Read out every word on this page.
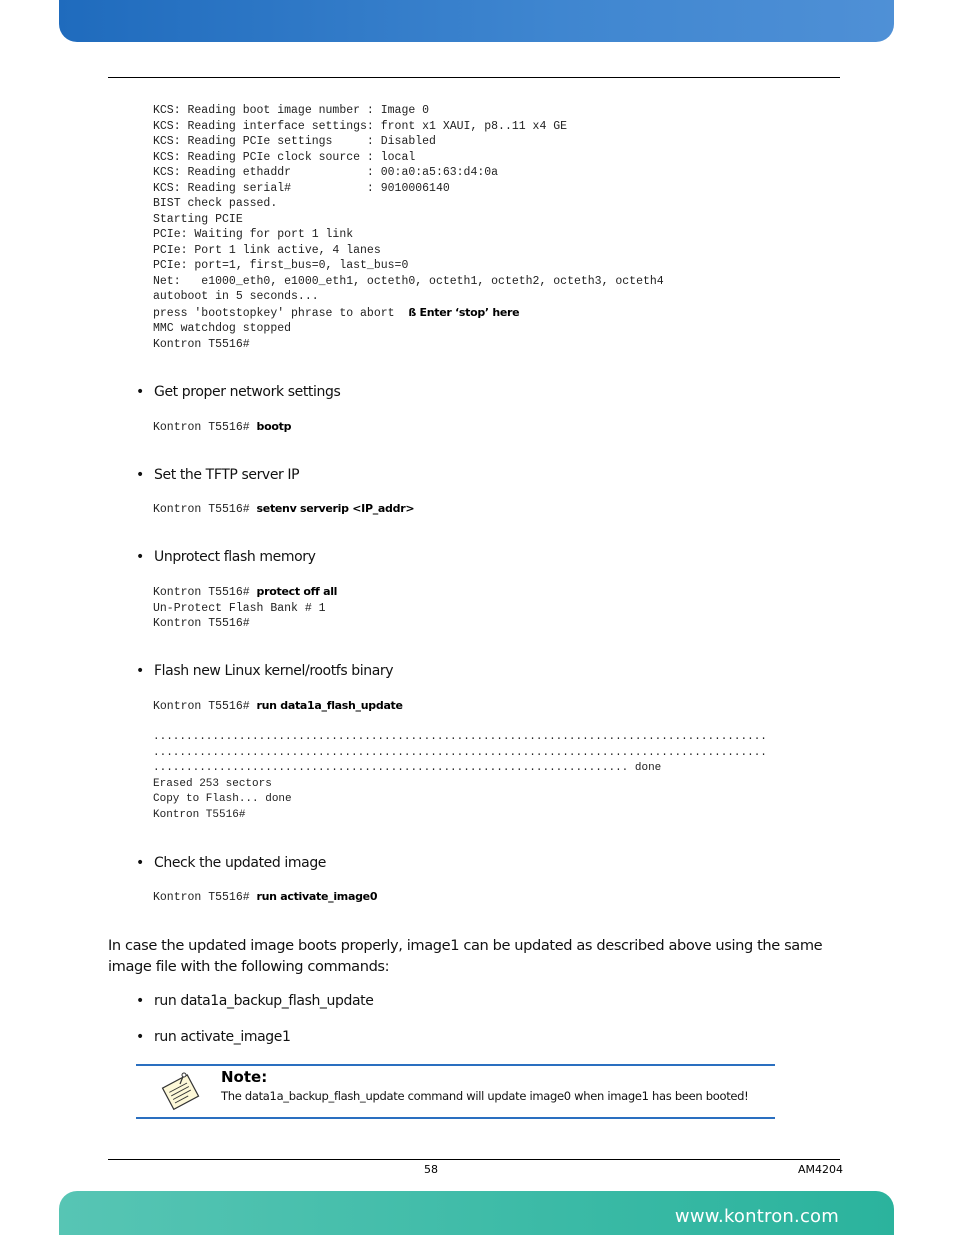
KCS: Reading boot image number : Image 0
KCS: Reading interface settings: front x1 XAUI, p8..11 x4 GE
KCS: Reading PCIe settings     : Disabled
KCS: Reading PCIe clock source : local
KCS: Reading ethaddr           : 00:a0:a5:63:d4:0a
KCS: Reading serial#           : 9010006140
BIST check passed.
Starting PCIE
PCIe: Waiting for port 1 link
PCIe: Port 1 link active, 4 lanes
PCIe: port=1, first_bus=0, last_bus=0
Net:   e1000_eth0, e1000_eth1, octeth0, octeth1, octeth2, octeth3, octeth4
autoboot in 5 seconds...
press 'bootstopkey' phrase to abort  ß Enter ‘stop’ here
MMC watchdog stopped
Kontron T5516#
• Get proper network settings
Kontron T5516# bootp
• Set the TFTP server IP
Kontron T5516# setenv serverip <IP_addr>
• Unprotect flash memory
Kontron T5516# protect off all
Un-Protect Flash Bank # 1
Kontron T5516#
• Flash new Linux kernel/rootfs binary
Kontron T5516# run data1a_flash_update
.............................................................................................
.............................................................................................
........................................................................ done
Erased 253 sectors
Copy to Flash... done
Kontron T5516#
• Check the updated image
Kontron T5516# run activate_image0

In case the updated image boots properly, image1 can be updated as described above using the same image file with the following commands:

• run data1a_backup_flash_update
• run activate_image1
Note:
The data1a_backup_flash_update command will update image0 when image1 has been booted!
58	AM4204
www.kontron.com
